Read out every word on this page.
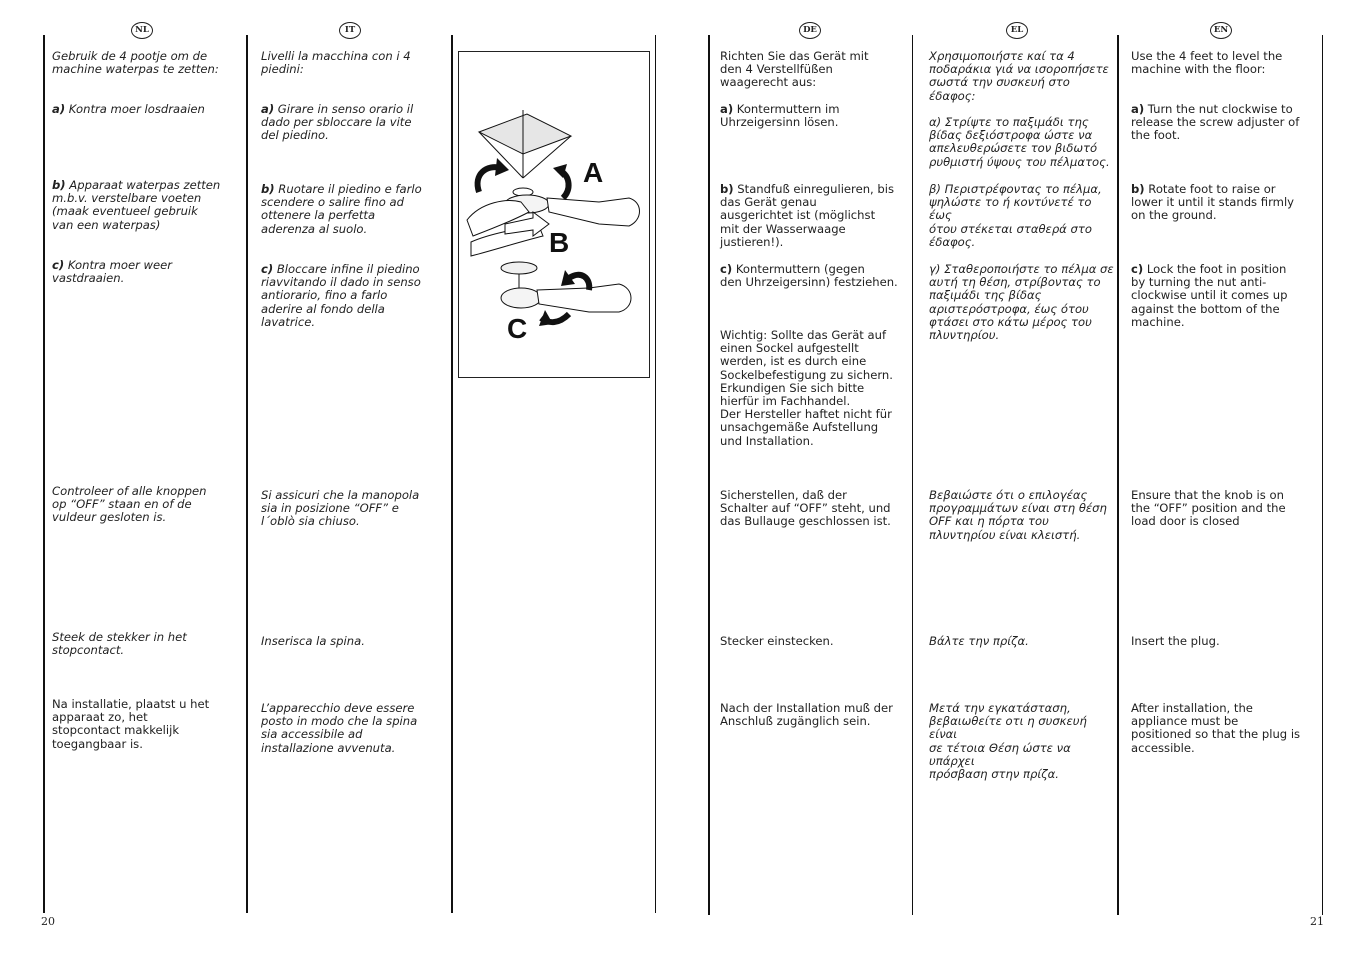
NL	IT	DE	EL	EN

Gebruik de 4 pootje om de
machine waterpas te zetten:

a) Kontra moer losdraaien

b) Apparaat waterpas zetten
m.b.v. verstelbare voeten
(maak eventueel gebruik
van een waterpas)

c) Kontra moer weer
vastdraaien.

Controleer of alle knoppen
op “OFF” staan en of de
vuldeur gesloten is.

Steek de stekker in het
stopcontact.

Na installatie, plaatst u het
apparaat zo, het
stopcontact makkelijk
toegangbaar is.

Livelli la macchina con i 4
piedini:

a) Girare in senso orario il
dado per sbloccare la vite
del piedino.

b) Ruotare il piedino e farlo
scendere o salire fino ad
ottenere la perfetta
aderenza al suolo.

c) Bloccare infine il piedino
riavvitando il dado in senso
antiorario, fino a farlo
aderire al fondo della
lavatrice.

Si assicuri che la manopola
sia in posizione “OFF” e
l´oblò sia chiuso.

Inserisca la spina.

L’apparecchio deve essere
posto in modo che la spina
sia accessibile ad
installazione avvenuta.

A
B
C

Richten Sie das Gerät mit
den 4 Verstellfüßen
waagerecht aus:

a) Kontermuttern im
Uhrzeigersinn lösen.

b) Standfuß einregulieren, bis
das Gerät genau
ausgerichtet ist (möglichst
mit der Wasserwaage
justieren!).

c) Kontermuttern (gegen
den Uhrzeigersinn) festziehen.

Wichtig: Sollte das Gerät auf
einen Sockel aufgestellt
werden, ist es durch eine
Sockelbefestigung zu sichern.
Erkundigen Sie sich bitte
hierfür im Fachhandel.
Der Hersteller haftet nicht für
unsachgemäße Aufstellung
und Installation.

Sicherstellen, daß der
Schalter auf “OFF” steht, und
das Bullauge geschlossen ist.

Stecker einstecken.

Nach der Installation muß der
Anschluß zugänglich sein.

Χρησιμοποιήστε καί τα 4
ποδαράκια γιά να ισοροπήσετε
σωστά την συσκευή στο
έδαφος:

α) Στρίψτε το παξιμάδι της
βίδας δεξιόστροφα ώστε να
απελευθερώσετε τον βιδωτό
ρυθμιστή ύψους του πέλματος.

β) Περιστρέφοντας το πέλμα,
ψηλώστε το ή κοντύνετέ το έως
ότου στέκεται σταθερά στο
έδαφος.

γ) Σταθεροποιήστε το πέλμα σε
αυτή τη θέση, στρίβοντας το
παξιμάδι της βίδας
αριστερόστροφα, έως ότου
φτάσει στο κάτω μέρος του
πλυντηρίου.

Βεβαιώστε ότι ο επιλογέας
προγραμμάτων είναι στη θέση
OFF και η πόρτα του
πλυντηρίου είναι κλειστή.

Βάλτε την πρίζα.

Μετά την εγκατάσταση,
βεβαιωθείτε οτι η συσκευή είναι
σε τέτοια Θέση ώστε να υπάρχει
πρόσβαση στην πρίζα.

Use the 4 feet to level the
machine with the floor:

a) Turn the nut clockwise to
release the screw adjuster of
the foot.

b) Rotate foot to raise or
lower it until it stands firmly
on the ground.

c) Lock the foot in position
by turning the nut anti-
clockwise until it comes up
against the bottom of the
machine.

Ensure that the knob is on
the “OFF” position and the
load door is closed

Insert the plug.

After installation, the
appliance must be
positioned so that the plug is
accessible.

20	21
